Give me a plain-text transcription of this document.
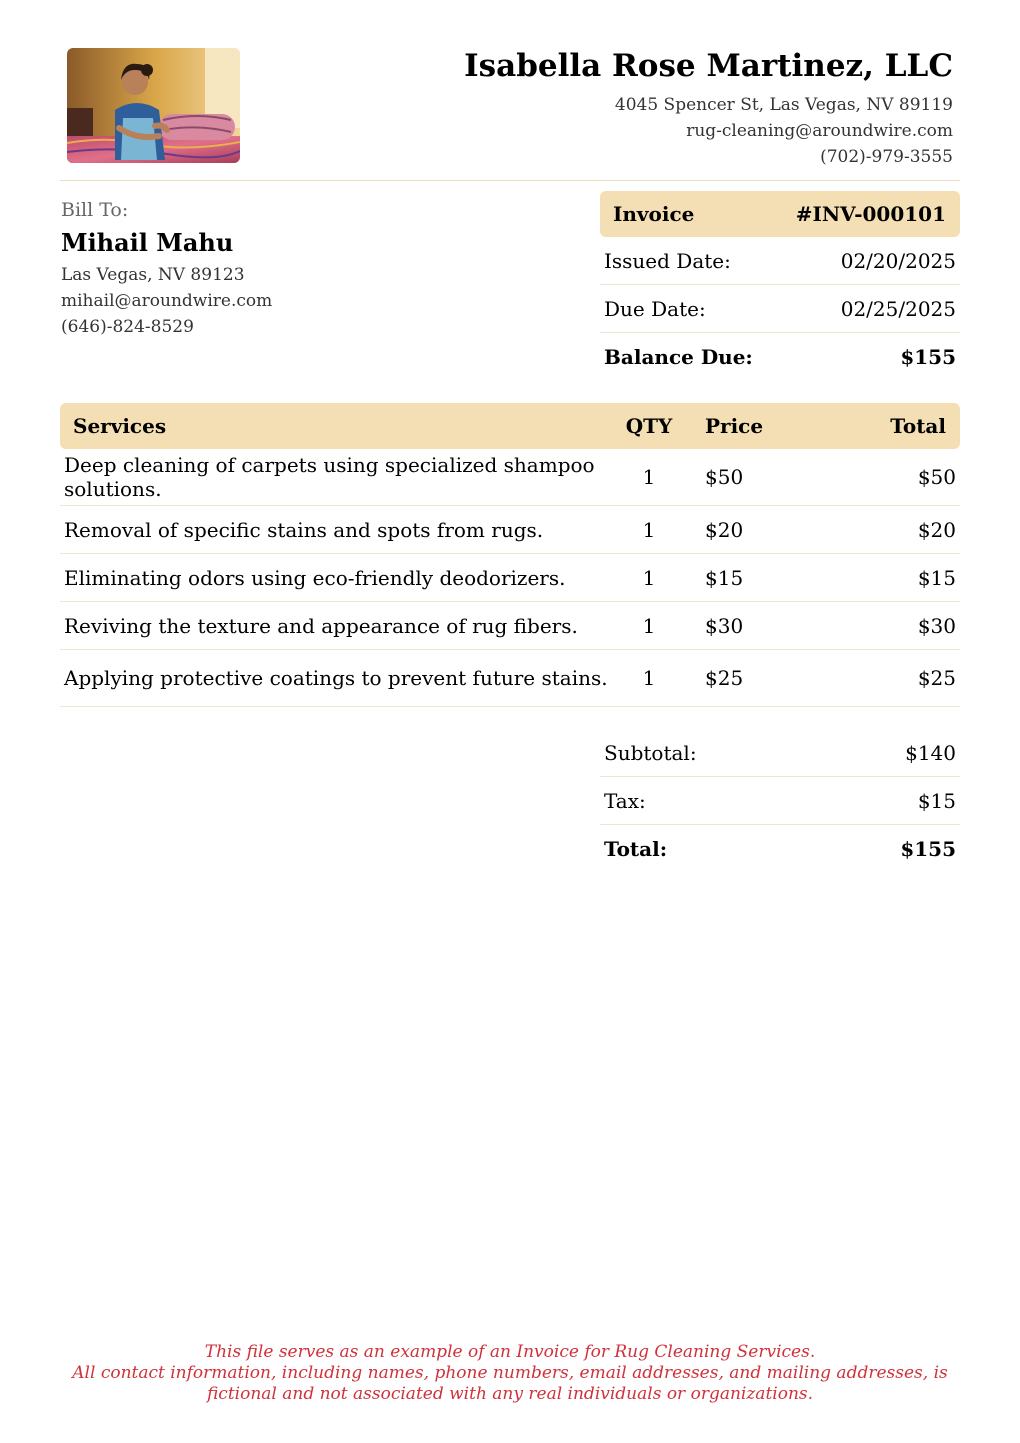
Isabella Rose Martinez, LLC
4045 Spencer St, Las Vegas, NV 89119
rug-cleaning@aroundwire.com
(702)-979-3555
Bill To:
Mihail Mahu
Las Vegas, NV 89123
mihail@aroundwire.com
(646)-824-8529
Invoice	#INV-000101
Issued Date:	02/20/2025
Due Date:	02/25/2025
Balance Due:	$155
Services	QTY	Price	Total
Deep cleaning of carpets using specialized shampoo solutions.	1	$50	$50
Removal of specific stains and spots from rugs.	1	$20	$20
Eliminating odors using eco-friendly deodorizers.	1	$15	$15
Reviving the texture and appearance of rug fibers.	1	$30	$30
Applying protective coatings to prevent future stains.	1	$25	$25
Subtotal:	$140
Tax:	$15
Total:	$155
This file serves as an example of an Invoice for Rug Cleaning Services.
All contact information, including names, phone numbers, email addresses, and mailing addresses, is
fictional and not associated with any real individuals or organizations.
